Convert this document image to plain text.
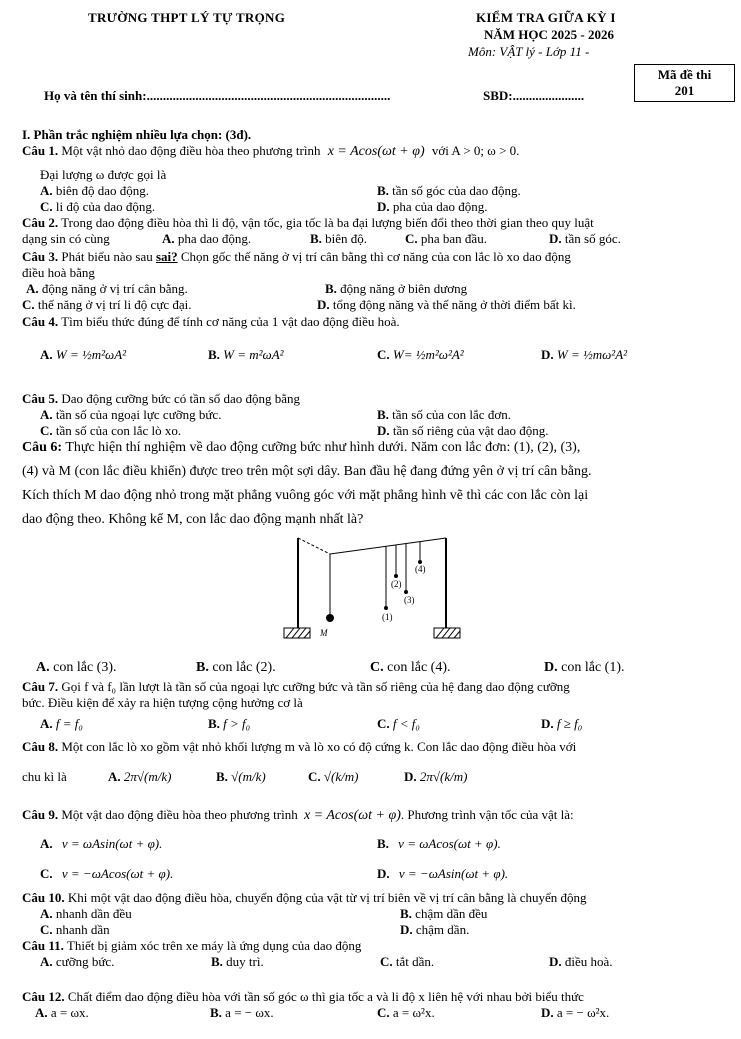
TRƯỜNG THPT LÝ TỰ TRỌNG	KIỂM TRA GIỮA KỲ I
NĂM HỌC 2025 - 2026
Môn: VẬT lý - Lớp 11 -
Mã đề thi
201
Họ và tên thí sinh:...........................................................................	SBD:......................
I. Phần trắc nghiệm nhiều lựa chọn: (3đ).
Câu 1. Một vật nhỏ dao động điều hòa theo phương trình x = Acos(ωt + φ) với A > 0; ω > 0.
Đại lượng ω được gọi là
A. biên độ dao động.	B. tần số góc của dao động.
C. li độ của dao động.	D. pha của dao động.
Câu 2. Trong dao động điều hòa thì li độ, vận tốc, gia tốc là ba đại lượng biến đổi theo thời gian theo quy luật
dạng sin có cùng	A. pha dao động.	B. biên độ.	C. pha ban đầu.	D. tần số góc.
Câu 3. Phát biểu nào sau sai? Chọn gốc thế năng ở vị trí cân bằng thì cơ năng của con lắc lò xo dao động
điều hoà bằng
A. động năng ở vị trí cân bằng.	B. động năng ở biên dương
C. thế năng ở vị trí li độ cực đại.	D. tổng động năng và thế năng ở thời điểm bất kì.
Câu 4. Tìm biểu thức đúng để tính cơ năng của 1 vật dao động điều hoà.
A. W = ½m²ωA²	B. W = m²ωA²	C. W= ½m²ω²A²	D. W = ½mω²A²
Câu 5. Dao động cưỡng bức có tần số dao động bằng
A. tần số của ngoại lực cưỡng bức.	B. tần số của con lắc đơn.
C. tần số của con lắc lò xo.	D. tần số riêng của vật dao động.
Câu 6: Thực hiện thí nghiệm về dao động cưỡng bức như hình dưới. Năm con lắc đơn: (1), (2), (3),
(4) và M (con lắc điều khiển) được treo trên một sợi dây. Ban đầu hệ đang đứng yên ở vị trí cân bằng.
Kích thích M dao động nhỏ trong mặt phẳng vuông góc với mặt phẳng hình vẽ thì các con lắc còn lại
dao động theo. Không kể M, con lắc dao động mạnh nhất là?
(1)
(2)
(3)
(4)
M
A. con lắc (3).	B. con lắc (2).	C. con lắc (4).	D. con lắc (1).
Câu 7. Gọi f và f₀ lần lượt là tần số của ngoại lực cưỡng bức và tần số riêng của hệ đang dao động cưỡng
bức. Điều kiện để xảy ra hiện tượng cộng hưởng cơ là
A. f = f₀	B. f > f₀	C. f < f₀	D. f ≥ f₀
Câu 8. Một con lắc lò xo gồm vật nhỏ khối lượng m và lò xo có độ cứng k. Con lắc dao động điều hòa với
chu kì là	A. 2π√(m/k)	B. √(m/k)	C. √(k/m)	D. 2π√(k/m)
Câu 9. Một vật dao động điều hòa theo phương trình x = Acos(ωt + φ). Phương trình vận tốc của vật là:
A. v = ωAsin(ωt + φ).	B. v = ωAcos(ωt + φ).
C. v = −ωAcos(ωt + φ).	D. v = −ωAsin(ωt + φ).
Câu 10. Khi một vật dao động điều hòa, chuyển động của vật từ vị trí biên về vị trí cân bằng là chuyển động
A. nhanh dần đều	B. chậm dần đều
C. nhanh dần	D. chậm dần.
Câu 11. Thiết bị giảm xóc trên xe máy là ứng dụng của dao động
A. cưỡng bức.	B. duy trì.	C. tắt dần.	D. điều hoà.
Câu 12. Chất điểm dao động điều hòa với tần số góc ω thì gia tốc a và li độ x liên hệ với nhau bởi biểu thức
A. a = ωx.	B. a = − ωx.	C. a = ω²x.	D. a = − ω²x.
